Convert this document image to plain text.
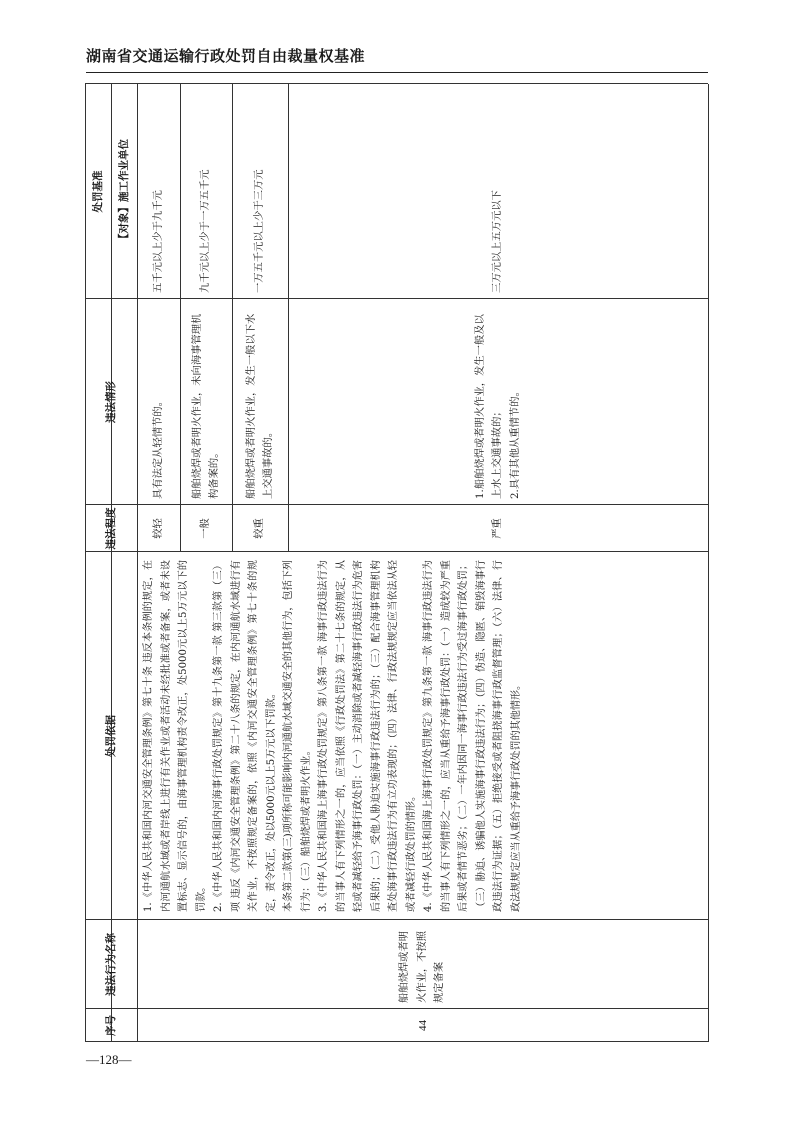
湖南省交通运输行政处罚自由裁量权基准
序号
违法行为名称
处罚依据
违法程度
违法情形
处罚基准	【对象】施工作业单位
44
船舶烧焊或者明火作业，不按照规定备案

1.《中华人民共和国内河交通安全管理条例》第七十条 违反本条例的规定，在内河通航水域或者岸线上进行有关作业或者活动未经批准或者备案，或者未设置标志、显示信号的，由海事管理机构责令改正，处5000元以上5万元以下的罚款。 2.《中华人民共和国内河海事行政处罚规定》第十九条第一款 第三款第（三）项 违反《内河交通安全管理条例》第二十八条的规定，在内河通航水域进行有关作业，不按照规定备案的，依照《内河交通安全管理条例》第七十条的规定，责令改正，处以5000元以上5万元以下罚款。 本条第二款第(三)项所称可能影响内河通航水域交通安全的其他行为，包括下列行为：（三）船舶烧焊或者明火作业。 3.《中华人民共和国海上海事行政处罚规定》第八条第一款 海事行政违法行为的当事人有下列情形之一的，应当依照《行政处罚法》第二十七条的规定，从轻或者减轻给予海事行政处罚：（一）主动消除或者减轻海事行政违法行为危害后果的；（二）受他人胁迫实施海事行政违法行为的；（三）配合海事管理机构查处海事行政违法行为有立功表现的；（四）法律、行政法规规定应当依法从轻或者减轻行政处罚的情形。 4.《中华人民共和国海上海事行政处罚规定》第九条第一款 海事行政违法行为的当事人有下列情形之一的，应当从重给予海事行政处罚：（一）造成较为严重后果或者情节恶劣；（二）一年内因同一海事行政违法行为受过海事行政处罚；（三）胁迫、诱骗他人实施海事行政违法行为；（四）伪造、隐匿、销毁海事行政违法行为证据；（五）拒绝接受或者阻挠海事行政监督管理；（六）法律、行政法规规定应当从重给予海事行政处罚的其他情形。

较轻
具有法定从轻情节的。
五千元以上少于九千元
一般
船舶烧焊或者明火作业，未向海事管理机构备案的。
九千元以上少于一万五千元
较重
船舶烧焊或者明火作业，发生一般以下水上交通事故的。
一万五千元以上少于三万元
严重
1.船舶烧焊或者明火作业，发生一般及以上水上交通事故的；
2.具有其他从重情节的。
三万元以上五万元以下
—128—
